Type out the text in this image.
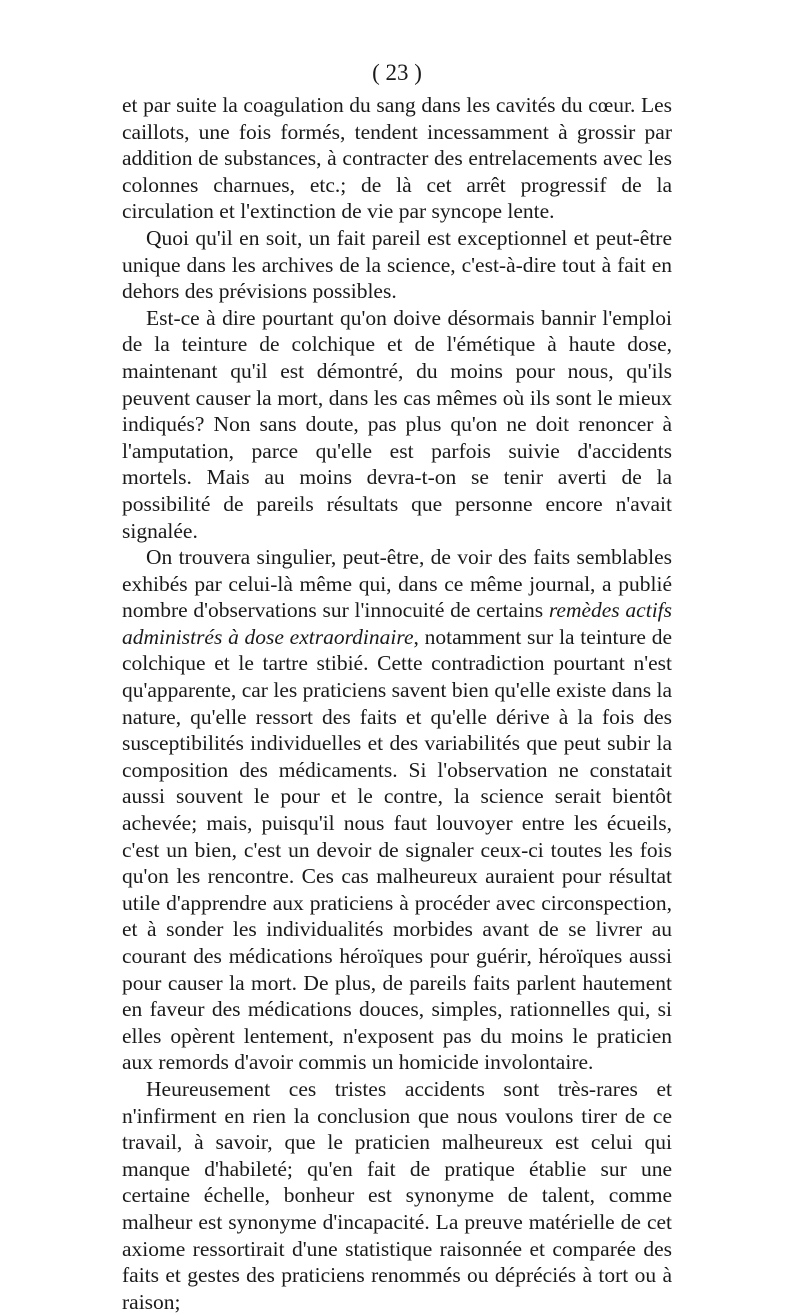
( 23 )

et par suite la coagulation du sang dans les cavités du cœur. Les caillots, une fois formés, tendent incessamment à grossir par addition de substances, à contracter des entrelacements avec les colonnes charnues, etc.; de là cet arrêt progressif de la circulation et l'extinction de vie par syncope lente.

Quoi qu'il en soit, un fait pareil est exceptionnel et peut-être unique dans les archives de la science, c'est-à-dire tout à fait en dehors des prévisions possibles.

Est-ce à dire pourtant qu'on doive désormais bannir l'emploi de la teinture de colchique et de l'émétique à haute dose, maintenant qu'il est démontré, du moins pour nous, qu'ils peuvent causer la mort, dans les cas mêmes où ils sont le mieux indiqués? Non sans doute, pas plus qu'on ne doit renoncer à l'amputation, parce qu'elle est parfois suivie d'accidents mortels. Mais au moins devra-t-on se tenir averti de la possibilité de pareils résultats que personne encore n'avait signalée.

On trouvera singulier, peut-être, de voir des faits semblables exhibés par celui-là même qui, dans ce même journal, a publié nombre d'observations sur l'innocuité de certains remèdes actifs administrés à dose extraordinaire, notamment sur la teinture de colchique et le tartre stibié. Cette contradiction pourtant n'est qu'apparente, car les praticiens savent bien qu'elle existe dans la nature, qu'elle ressort des faits et qu'elle dérive à la fois des susceptibilités individuelles et des variabilités que peut subir la composition des médicaments. Si l'observation ne constatait aussi souvent le pour et le contre, la science serait bientôt achevée; mais, puisqu'il nous faut louvoyer entre les écueils, c'est un bien, c'est un devoir de signaler ceux-ci toutes les fois qu'on les rencontre. Ces cas malheureux auraient pour résultat utile d'apprendre aux praticiens à procéder avec circonspection, et à sonder les individualités morbides avant de se livrer au courant des médications héroïques pour guérir, héroïques aussi pour causer la mort. De plus, de pareils faits parlent hautement en faveur des médications douces, simples, rationnelles qui, si elles opèrent lentement, n'exposent pas du moins le praticien aux remords d'avoir commis un homicide involontaire.

Heureusement ces tristes accidents sont très-rares et n'infirment en rien la conclusion que nous voulons tirer de ce travail, à savoir, que le praticien malheureux est celui qui manque d'habileté; qu'en fait de pratique établie sur une certaine échelle, bonheur est synonyme de talent, comme malheur est synonyme d'incapacité. La preuve matérielle de cet axiome ressortirait d'une statistique raisonnée et comparée des faits et gestes des praticiens renommés ou dépréciés à tort ou à raison;
